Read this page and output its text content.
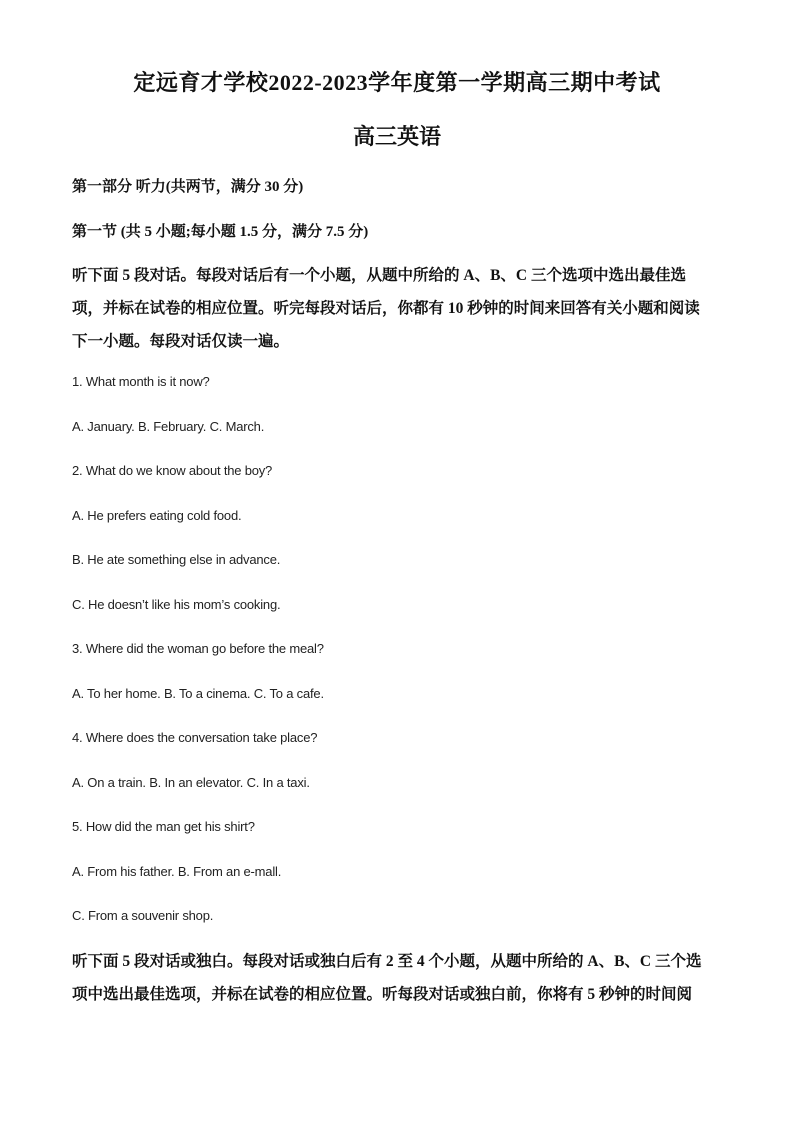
定远育才学校2022-2023学年度第一学期高三期中考试
高三英语
第一部分 听力(共两节，满分 30 分)
第一节 (共 5 小题;每小题 1.5 分，满分 7.5 分)
听下面 5 段对话。每段对话后有一个小题，从题中所给的 A、B、C 三个选项中选出最佳选
项，并标在试卷的相应位置。听完每段对话后，你都有 10 秒钟的时间来回答有关小题和阅读
下一小题。每段对话仅读一遍。
1. What month is it now?
A. January. B. February. C. March.
2. What do we know about the boy?
A. He prefers eating cold food.
B. He ate something else in advance.
C. He doesn’t like his mom’s cooking.
3. Where did the woman go before the meal?
A. To her home. B. To a cinema. C. To a cafe.
4. Where does the conversation take place?
A. On a train. B. In an elevator. C. In a taxi.
5. How did the man get his shirt?
A. From his father. B. From an e-mall.
C. From a souvenir shop.
听下面 5 段对话或独白。每段对话或独白后有 2 至 4 个小题，从题中所给的 A、B、C 三个选
项中选出最佳选项，并标在试卷的相应位置。听每段对话或独白前，你将有 5 秒钟的时间阅
